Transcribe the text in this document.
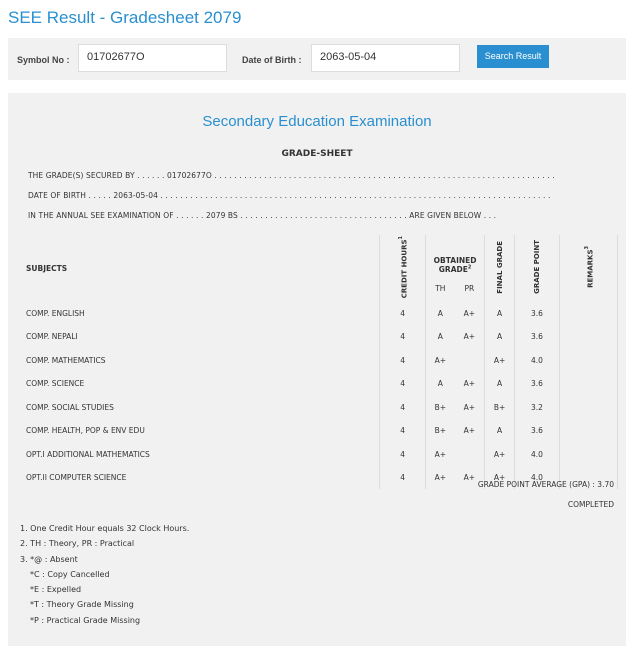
SEE Result - Gradesheet 2079
Symbol No :	01702677O	Date of Birth :	2063-05-04	Search Result
Secondary Education Examination
GRADE-SHEET
THE GRADE(S) SECURED BY . . . . . . 01702677O . . . . . . . . . . . . . . . . . . . . . . . . . . . . . . . . . . . . . . . . . . . . . . . . . . . . . . . . . . . . . . . . . . . . .
DATE OF BIRTH . . . . . 2063-05-04 . . . . . . . . . . . . . . . . . . . . . . . . . . . . . . . . . . . . . . . . . . . . . . . . . . . . . . . . . . . . . . . . . . . . . . . . . . . . . . .
IN THE ANNUAL SEE EXAMINATION OF . . . . . . 2079 BS . . . . . . . . . . . . . . . . . . . . . . . . . . . . . . . . . . ARE GIVEN BELOW . . .
SUBJECTS	CREDIT HOURS$^1$	OBTAINED GRADE$^2$		FINAL GRADE	GRADE POINT	REMARKS$^3$
		TH	PR			
COMP. ENGLISH	4	A	A+	A	3.6	
COMP. NEPALI	4	A	A+	A	3.6	
COMP. MATHEMATICS	4	A+		A+	4.0	
COMP. SCIENCE	4	A	A+	A	3.6	
COMP. SOCIAL STUDIES	4	B+	A+	B+	3.2	
COMP. HEALTH, POP & ENV EDU	4	B+	A+	A	3.6	
OPT.I ADDITIONAL MATHEMATICS	4	A+		A+	4.0	
OPT.II COMPUTER SCIENCE	4	A+	A+	A+	4.0	
GRADE POINT AVERAGE (GPA) : 3.70
COMPLETED
1. One Credit Hour equals 32 Clock Hours.
2. TH : Theory, PR : Practical
3. *@ : Absent
*C : Copy Cancelled
*E : Expelled
*T : Theory Grade Missing
*P : Practical Grade Missing
